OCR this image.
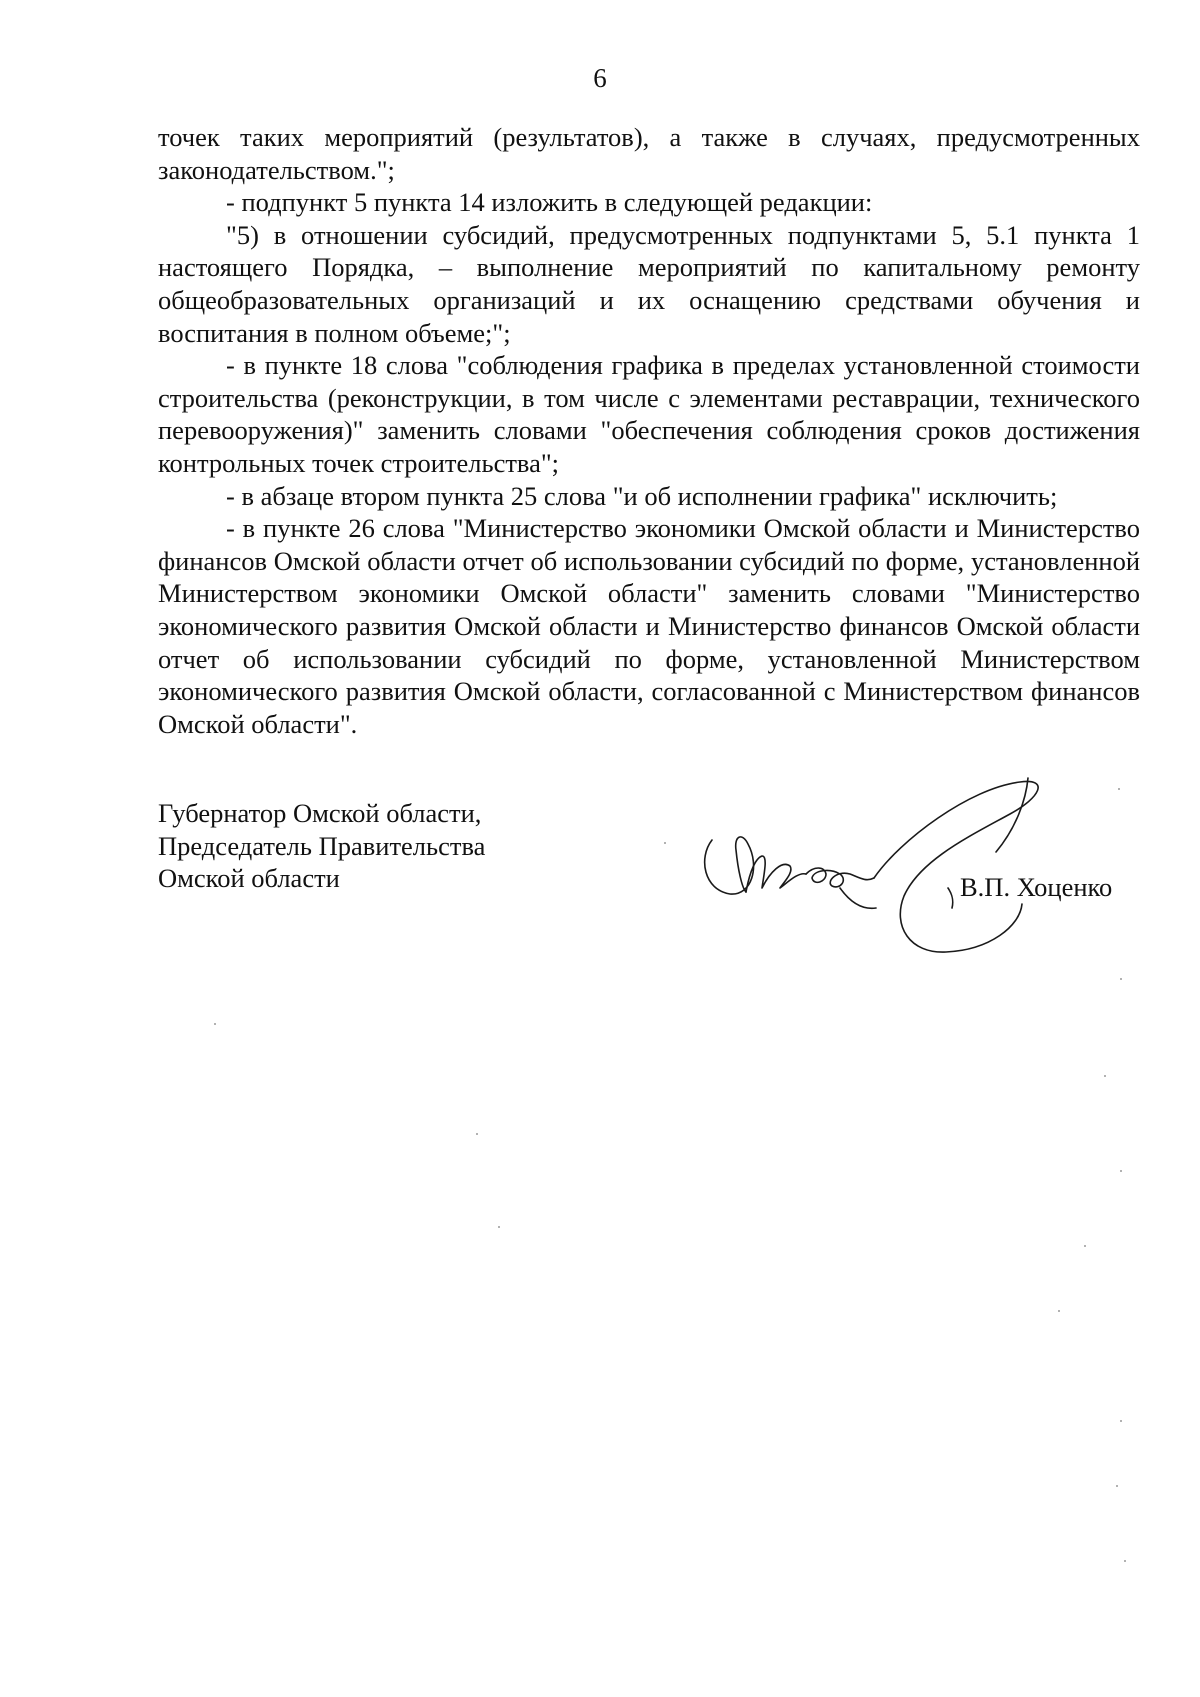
6

точек таких мероприятий (результатов), а также в случаях, предусмотренных законодательством.";

- подпункт 5 пункта 14 изложить в следующей редакции:

"5) в отношении субсидий, предусмотренных подпунктами 5, 5.1 пункта 1 настоящего Порядка, – выполнение мероприятий по капитальному ремонту общеобразовательных организаций и их оснащению средствами обучения и воспитания в полном объеме;";

- в пункте 18 слова "соблюдения графика в пределах установленной стоимости строительства (реконструкции, в том числе с элементами реставрации, технического перевооружения)" заменить словами "обеспечения соблюдения сроков достижения контрольных точек строительства";

- в абзаце втором пункта 25 слова "и об исполнении графика" исключить;

- в пункте 26 слова "Министерство экономики Омской области и Министерство финансов Омской области отчет об использовании субсидий по форме, установленной Министерством экономики Омской области" заменить словами "Министерство экономического развития Омской области и Министерство финансов Омской области отчет об использовании субсидий по форме, установленной Министерством экономического развития Омской области, согласованной с Министерством финансов Омской области".

Губернатор Омской области,
Председатель Правительства
Омской области	В.П. Хоценко
